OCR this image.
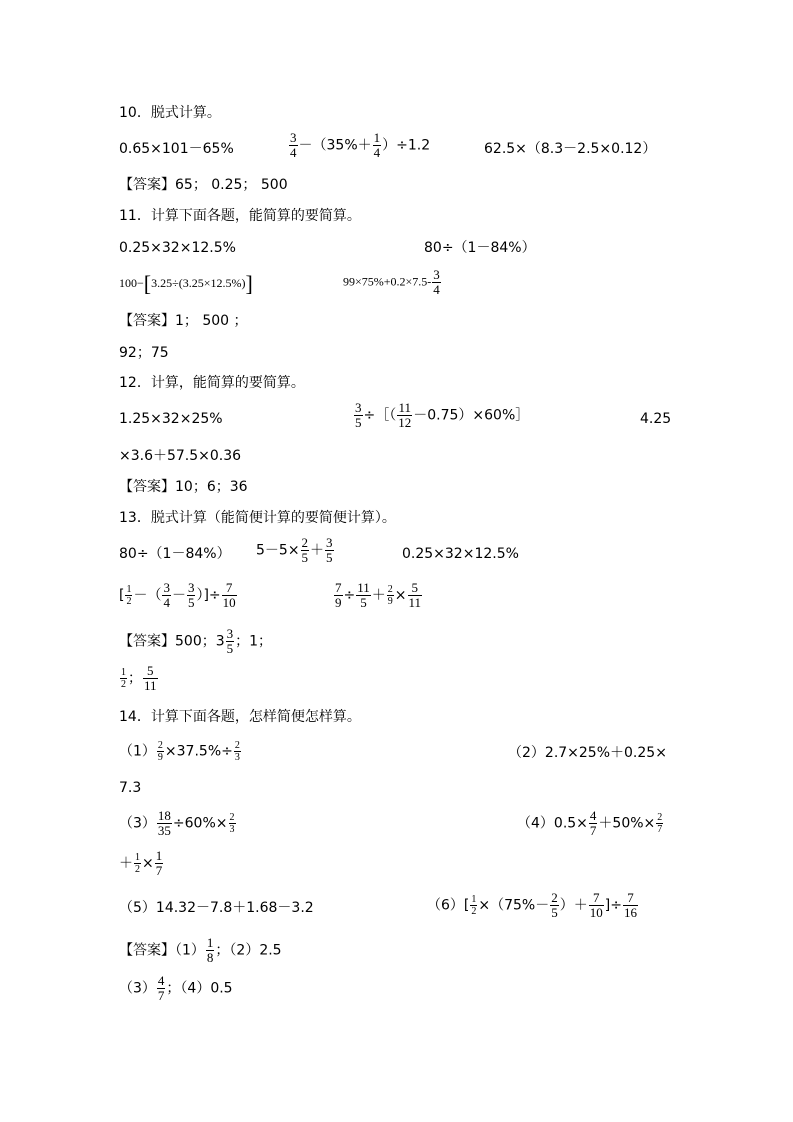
10．脱式计算。
0.65×101－65%	$\frac{3}{4} -(35\%+ \frac{1}{4} )\div 1.2$	62.5×（8.3－2.5×0.12）
【答案】65； 0.25； 500
11．计算下面各题，能简算的要简算。
0.25×32×12.5%	80÷（1－84%）
100−[3.25÷(3.25×12.5%)]	$99\times 75\%+0.2\times 7.5- \frac{3}{4}$
【答案】1； 500 ；
92；75
12．计算，能简算的要简算。
1.25×32×25%	$\frac{3}{5}$ ÷［（ $\frac{11}{12}$ －0.75）×60%］	4.25
×3.6＋57.5×0.36
【答案】10；6；36
13．脱式计算（能简便计算的要简便计算）。
80÷（1－84%） $5-5\times \frac{2}{5} + \frac{3}{5}$	0.25×32×12.5%
[ $\frac{1}{2}$ －（ $\frac{3}{4} - \frac{3}{5}$ ）]÷ $\frac{7}{10}$	$\frac{7}{9} \div \frac{11}{5} + \frac{2}{9} \times \frac{5}{11}$
【答案】500；$3 \frac{3}{5}$ ；1；
$\frac{1}{2}$ ； $\frac{5}{11}$
14．计算下面各题，怎样简便怎样算。
$(1) \frac{2}{9} \times 37.5\%\div \frac{2}{3}$	（2）2.7×25%＋0.25×
7.3
$(3) \frac{18}{35} \div 60\%\times \frac{2}{3}$	$(4)0.5\times \frac{4}{7} +50\%\times \frac{2}{7}$
＋ $\frac{1}{2} \times \frac{1}{7}$
（5）14.32－7.8＋1.68－3.2	$(6)[ \frac{1}{2} \times(75\%- \frac{2}{5}$ ）＋ $\frac{7}{10}$ ]÷ $\frac{7}{16}$
【答案】$(1) \frac{1}{8}$ ；（2）2.5
$(3) \frac{4}{7}$ ；（4）0.5
